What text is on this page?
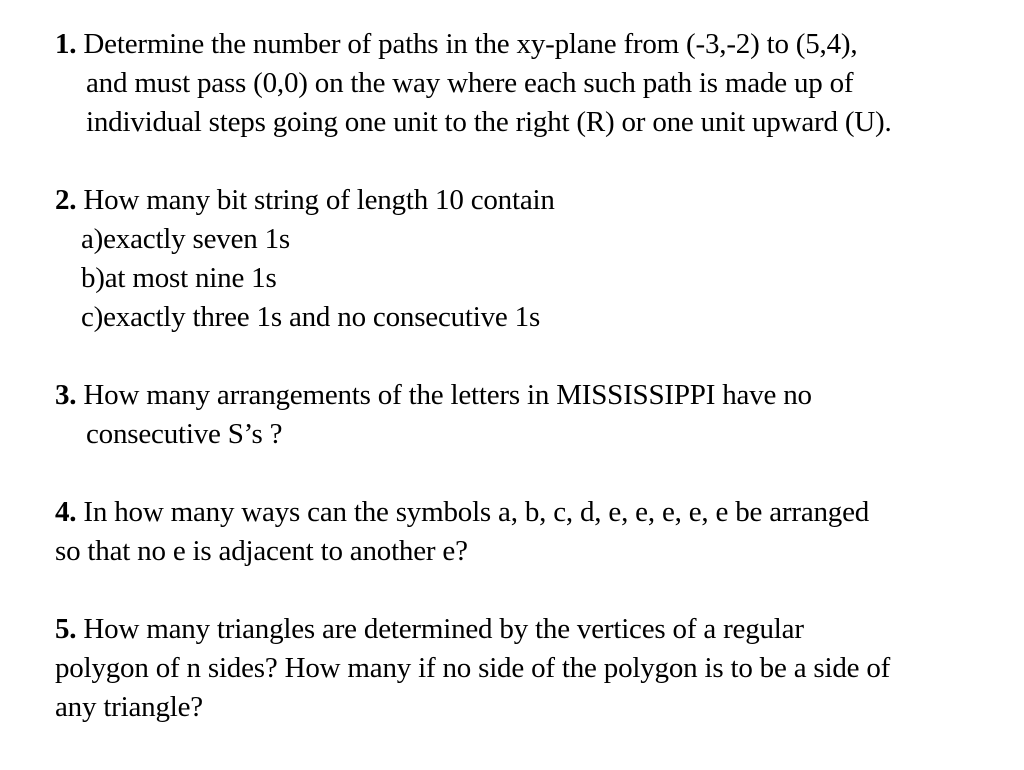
1. Determine the number of paths in the xy-plane from (-3,-2) to (5,4),
and must pass (0,0) on the way where each such path is made up of
individual steps going one unit to the right (R) or one unit upward (U).
2. How many bit string of length 10 contain
a)exactly seven 1s
b)at most nine 1s
c)exactly three 1s and no consecutive 1s
3. How many arrangements of the letters in MISSISSIPPI have no
consecutive S’s ?
4. In how many ways can the symbols a, b, c, d, e, e, e, e, e be arranged
so that no e is adjacent to another e?
5. How many triangles are determined by the vertices of a regular
polygon of n sides? How many if no side of the polygon is to be a side of
any triangle?
